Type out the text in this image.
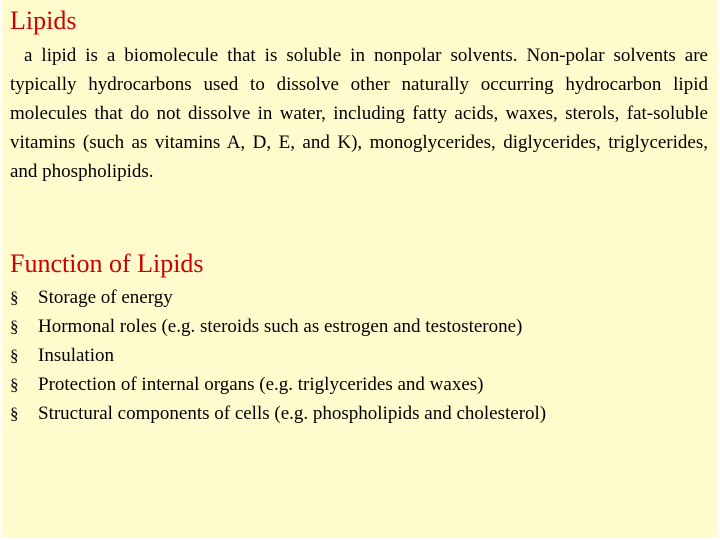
Lipids

a lipid is a biomolecule that is soluble in nonpolar solvents. Non-polar solvents are typically hydrocarbons used to dissolve other naturally occurring hydrocarbon lipid molecules that do not dissolve in water, including fatty acids, waxes, sterols, fat-soluble vitamins (such as vitamins A, D, E, and K), monoglycerides, diglycerides, triglycerides, and phospholipids.

Function of Lipids
§	Storage of energy
§	Hormonal roles (e.g. steroids such as estrogen and testosterone)
§	Insulation
§	Protection of internal organs (e.g. triglycerides and waxes)
§	Structural components of cells (e.g. phospholipids and cholesterol)
